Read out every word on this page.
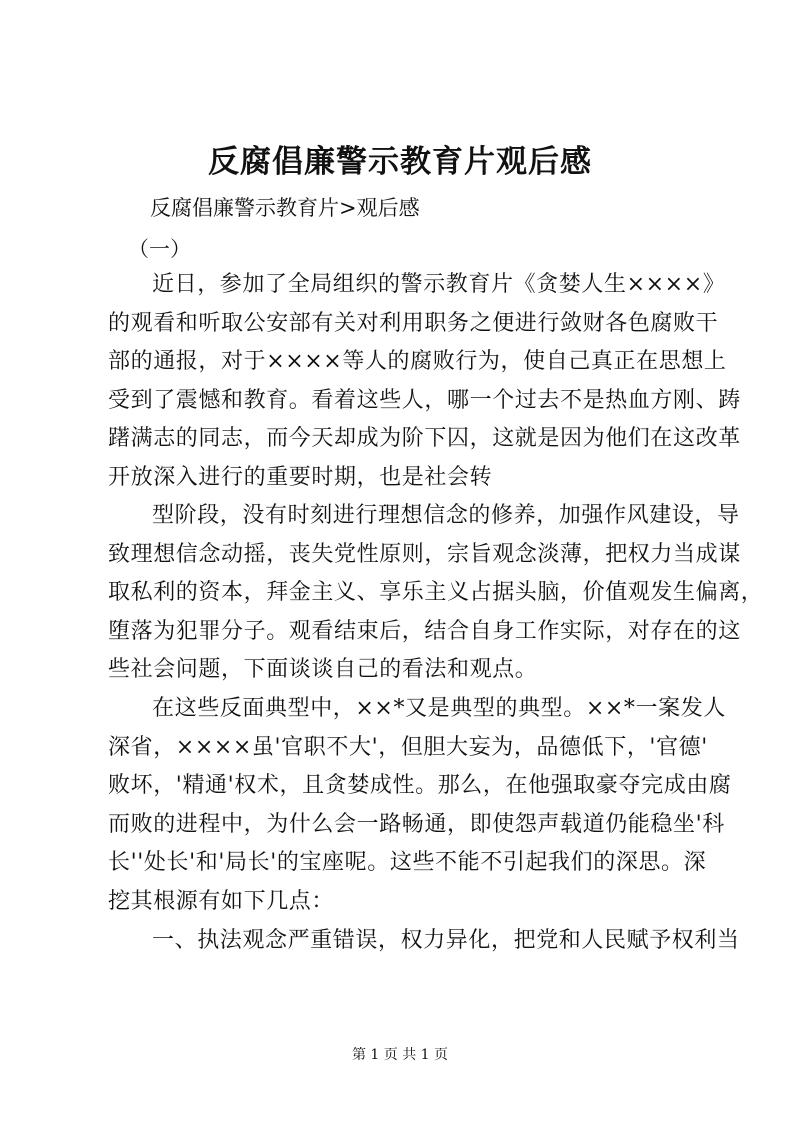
反腐倡廉警示教育片观后感

反腐倡廉警示教育片>观后感

（一）

近日，参加了全局组织的警示教育片《贪婪人生××××》
的观看和听取公安部有关对利用职务之便进行敛财各色腐败干
部的通报，对于××××等人的腐败行为，使自己真正在思想上
受到了震憾和教育。看着这些人，哪一个过去不是热血方刚、踌
躇满志的同志，而今天却成为阶下囚，这就是因为他们在这改革
开放深入进行的重要时期，也是社会转
型阶段，没有时刻进行理想信念的修养，加强作风建设，导
致理想信念动摇，丧失党性原则，宗旨观念淡薄，把权力当成谋
取私利的资本，拜金主义、享乐主义占据头脑，价值观发生偏离，
堕落为犯罪分子。观看结束后，结合自身工作实际，对存在的这
些社会问题，下面谈谈自己的看法和观点。
在这些反面典型中，××*又是典型的典型。××*一案发人
深省，××××虽'官职不大'，但胆大妄为，品德低下，'官德'
败坏，'精通'权术，且贪婪成性。那么，在他强取豪夺完成由腐
而败的进程中，为什么会一路畅通，即使怨声载道仍能稳坐'科
长''处长'和'局长'的宝座呢。这些不能不引起我们的深思。深
挖其根源有如下几点：
一、执法观念严重错误，权力异化，把党和人民赋予权利当

第 1 页 共 1 页
